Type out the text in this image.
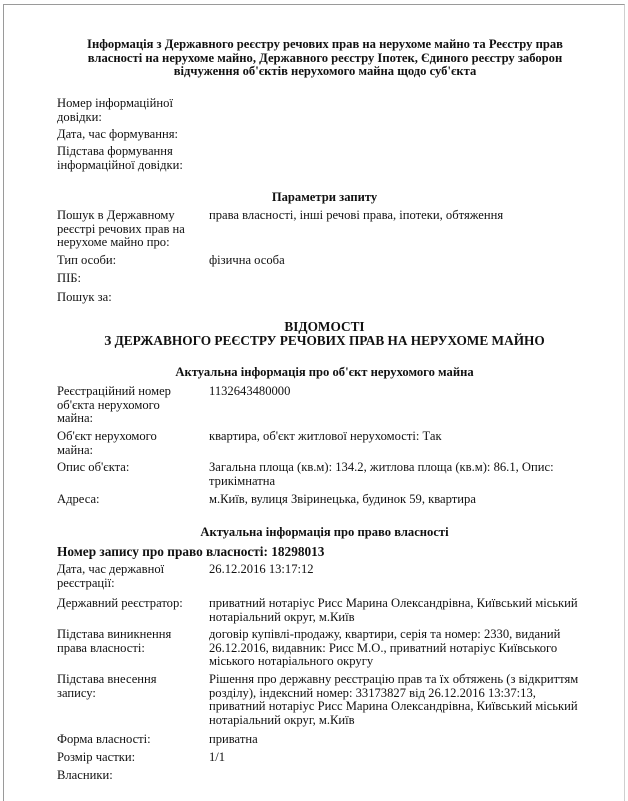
Інформація з Державного реєстру речових прав на нерухоме майно та Реєстру прав власності на нерухоме майно, Державного реєстру Іпотек, Єдиного реєстру заборон відчуження об'єктів нерухомого майна щодо суб'єкта
Номер інформаційної довідки:
Дата, час формування:
Підстава формування інформаційної довідки:
Параметри запиту
Пошук в Державному реєстрі речових прав на нерухоме майно про:
права власності, інші речові права, іпотеки, обтяження
Тип особи:	фізична особа
ПІБ:
Пошук за:
ВІДОМОСТІ
З ДЕРЖАВНОГО РЕЄСТРУ РЕЧОВИХ ПРАВ НА НЕРУХОМЕ МАЙНО
Актуальна інформація про об'єкт нерухомого майна
Реєстраційний номер об'єкта нерухомого майна:
1132643480000
Об'єкт нерухомого майна:
квартира, об'єкт житлової нерухомості: Так
Опис об'єкта:	Загальна площа (кв.м): 134.2, житлова площа (кв.м): 86.1, Опис: трикімнатна
Адреса:	м.Київ, вулиця Звіринецька, будинок 59, квартира
Актуальна інформація про право власності
Номер запису про право власності: 18298013
Дата, час державної реєстрації:
26.12.2016 13:17:12
Державний реєстратор:	приватний нотаріус Рисс Марина Олександрівна, Київський міський нотаріальний округ, м.Київ
Підстава виникнення права власності:
договір купівлі-продажу, квартири, серія та номер: 2330, виданий 26.12.2016, видавник: Рисс М.О., приватний нотаріус Київського міського нотаріального округу
Підстава внесення запису:
Рішення про державну реєстрацію прав та їх обтяжень (з відкриттям розділу), індексний номер: 33173827 від 26.12.2016 13:37:13, приватний нотаріус Рисс Марина Олександрівна, Київський міський нотаріальний округ, м.Київ
Форма власності:	приватна
Розмір частки:	1/1
Власники:
